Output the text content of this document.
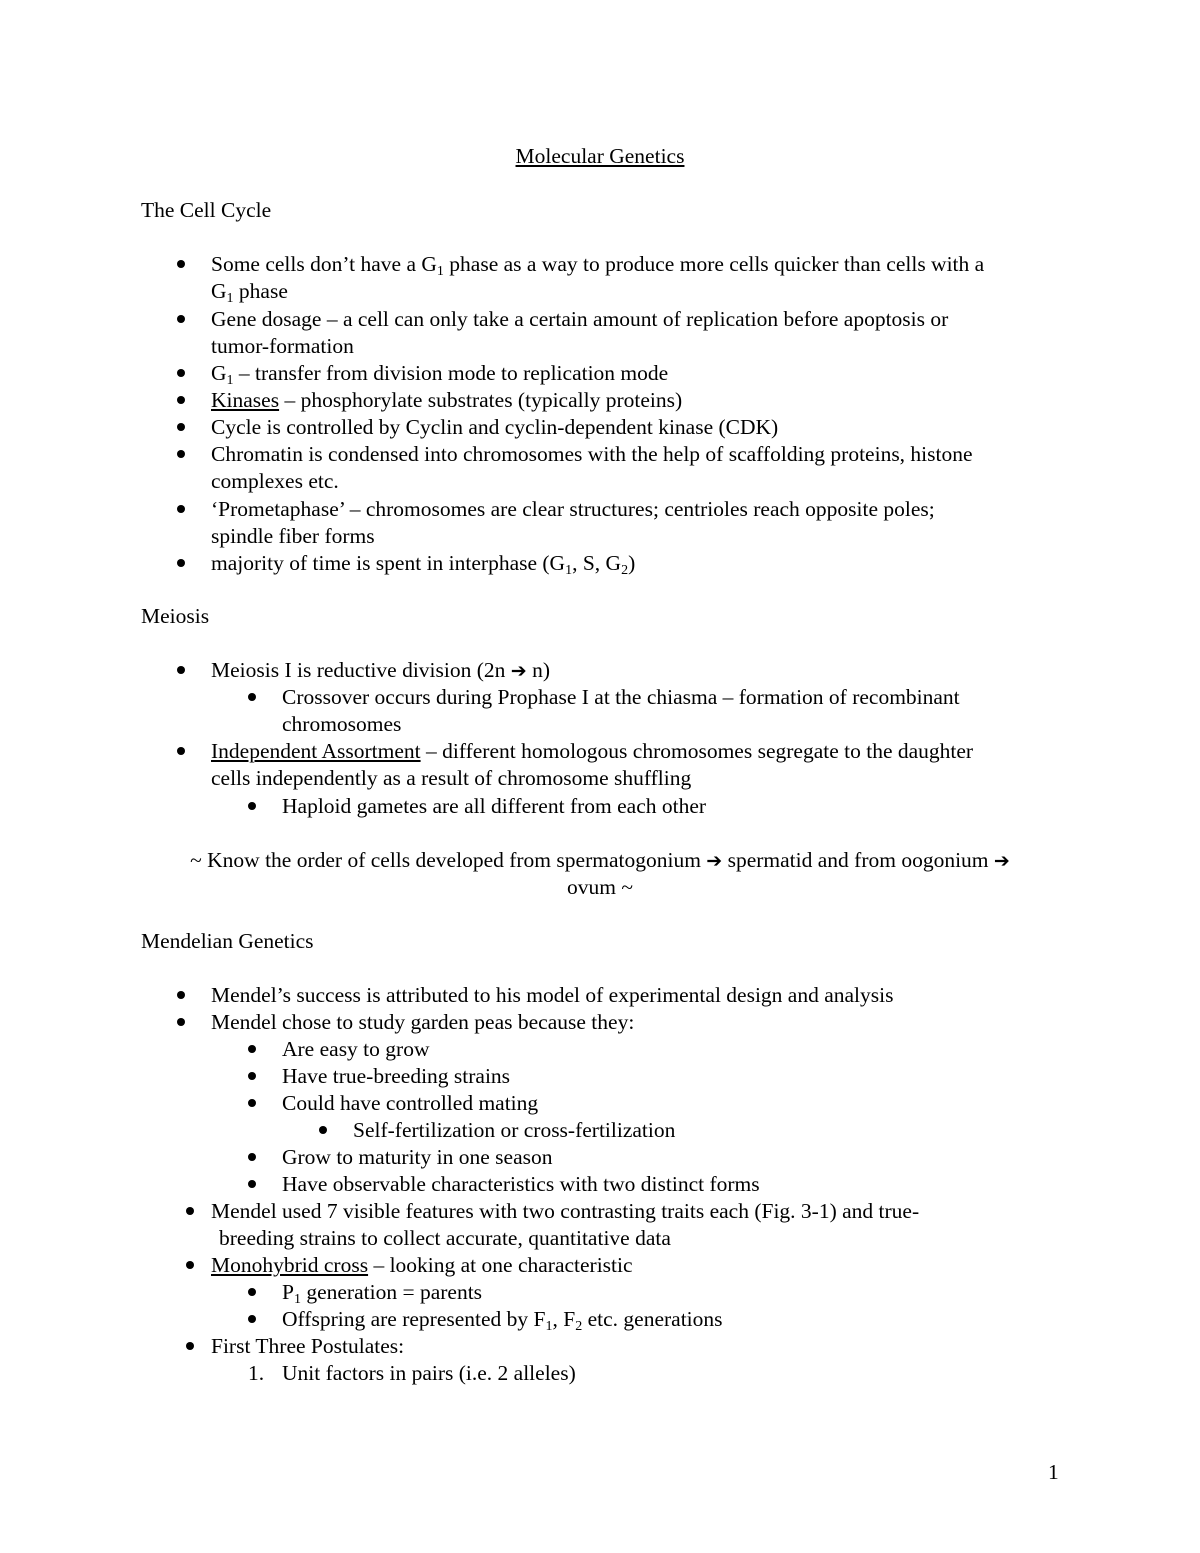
Molecular Genetics
The Cell Cycle
Some cells don’t have a $G_1$ phase as a way to produce more cells quicker than cells with a
$G_1$ phase
Gene dosage – a cell can only take a certain amount of replication before apoptosis or
tumor-formation
$G_1$ – transfer from division mode to replication mode
Kinases – phosphorylate substrates (typically proteins)
Cycle is controlled by Cyclin and cyclin-dependent kinase (CDK)
Chromatin is condensed into chromosomes with the help of scaffolding proteins, histone
complexes etc.
‘Prometaphase’ – chromosomes are clear structures; centrioles reach opposite poles;
spindle fiber forms
majority of time is spent in interphase ($G_1$, S, $G_2$)
Meiosis
Meiosis I is reductive division (2n ➔ n)
Crossover occurs during Prophase I at the chiasma – formation of recombinant
chromosomes
Independent Assortment – different homologous chromosomes segregate to the daughter
cells independently as a result of chromosome shuffling
Haploid gametes are all different from each other
~ Know the order of cells developed from spermatogonium ➔ spermatid and from oogonium ➔
ovum ~
Mendelian Genetics
Mendel’s success is attributed to his model of experimental design and analysis
Mendel chose to study garden peas because they:
Are easy to grow
Have true-breeding strains
Could have controlled mating
Self-fertilization or cross-fertilization
Grow to maturity in one season
Have observable characteristics with two distinct forms
Mendel used 7 visible features with two contrasting traits each (Fig. 3-1) and true-
breeding strains to collect accurate, quantitative data
Monohybrid cross – looking at one characteristic
$P_1$ generation = parents
Offspring are represented by $F_1$, $F_2$ etc. generations
First Three Postulates:
1. Unit factors in pairs (i.e. 2 alleles)
1
